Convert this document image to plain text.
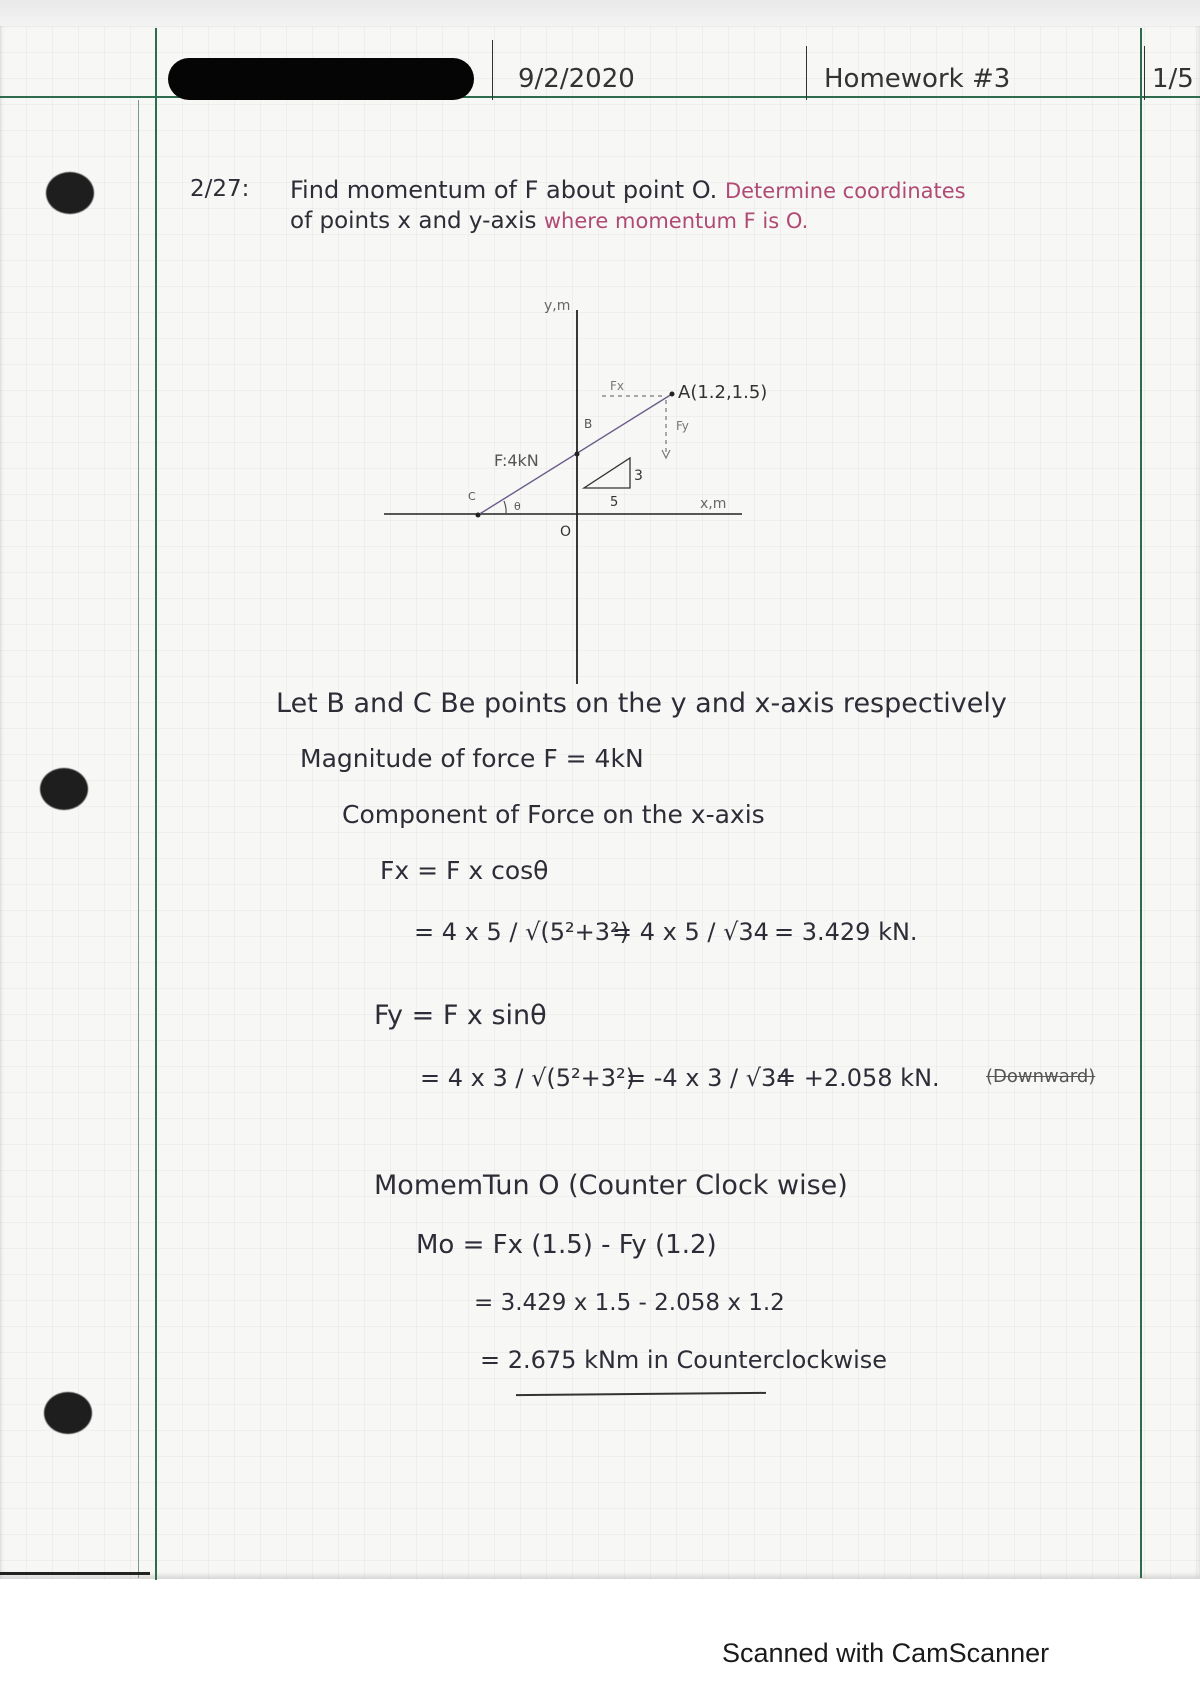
9/2/2020	Homework #3	1/5
2/27: Find momentum of F about point O. Determine coordinates
of points x and y-axis where momentum F is O.
y,m
x,m
O
A(1.2,1.5)
B
C
F:4kN
Fx
Fy
θ
3
5
Let B and C Be points on the y and x-axis respectively
Magnitude of force F = 4kN
Component of Force on the x-axis
Fx = F x cosθ
= 4 x 5 / √(5²+3²)
= 4 x 5 / √34 = 3.429 kN.
Fy = F x sinθ
= 4 x 3 / √(5²+3²)
= -4 x 3 / √34
= +2.058 kN.	(Downward)
MomemTun O (Counter Clock wise)
Mo = Fx (1.5) - Fy (1.2)
= 3.429 x 1.5 - 2.058 x 1.2
= 2.675 kNm in Counterclockwise
Scanned with CamScanner
